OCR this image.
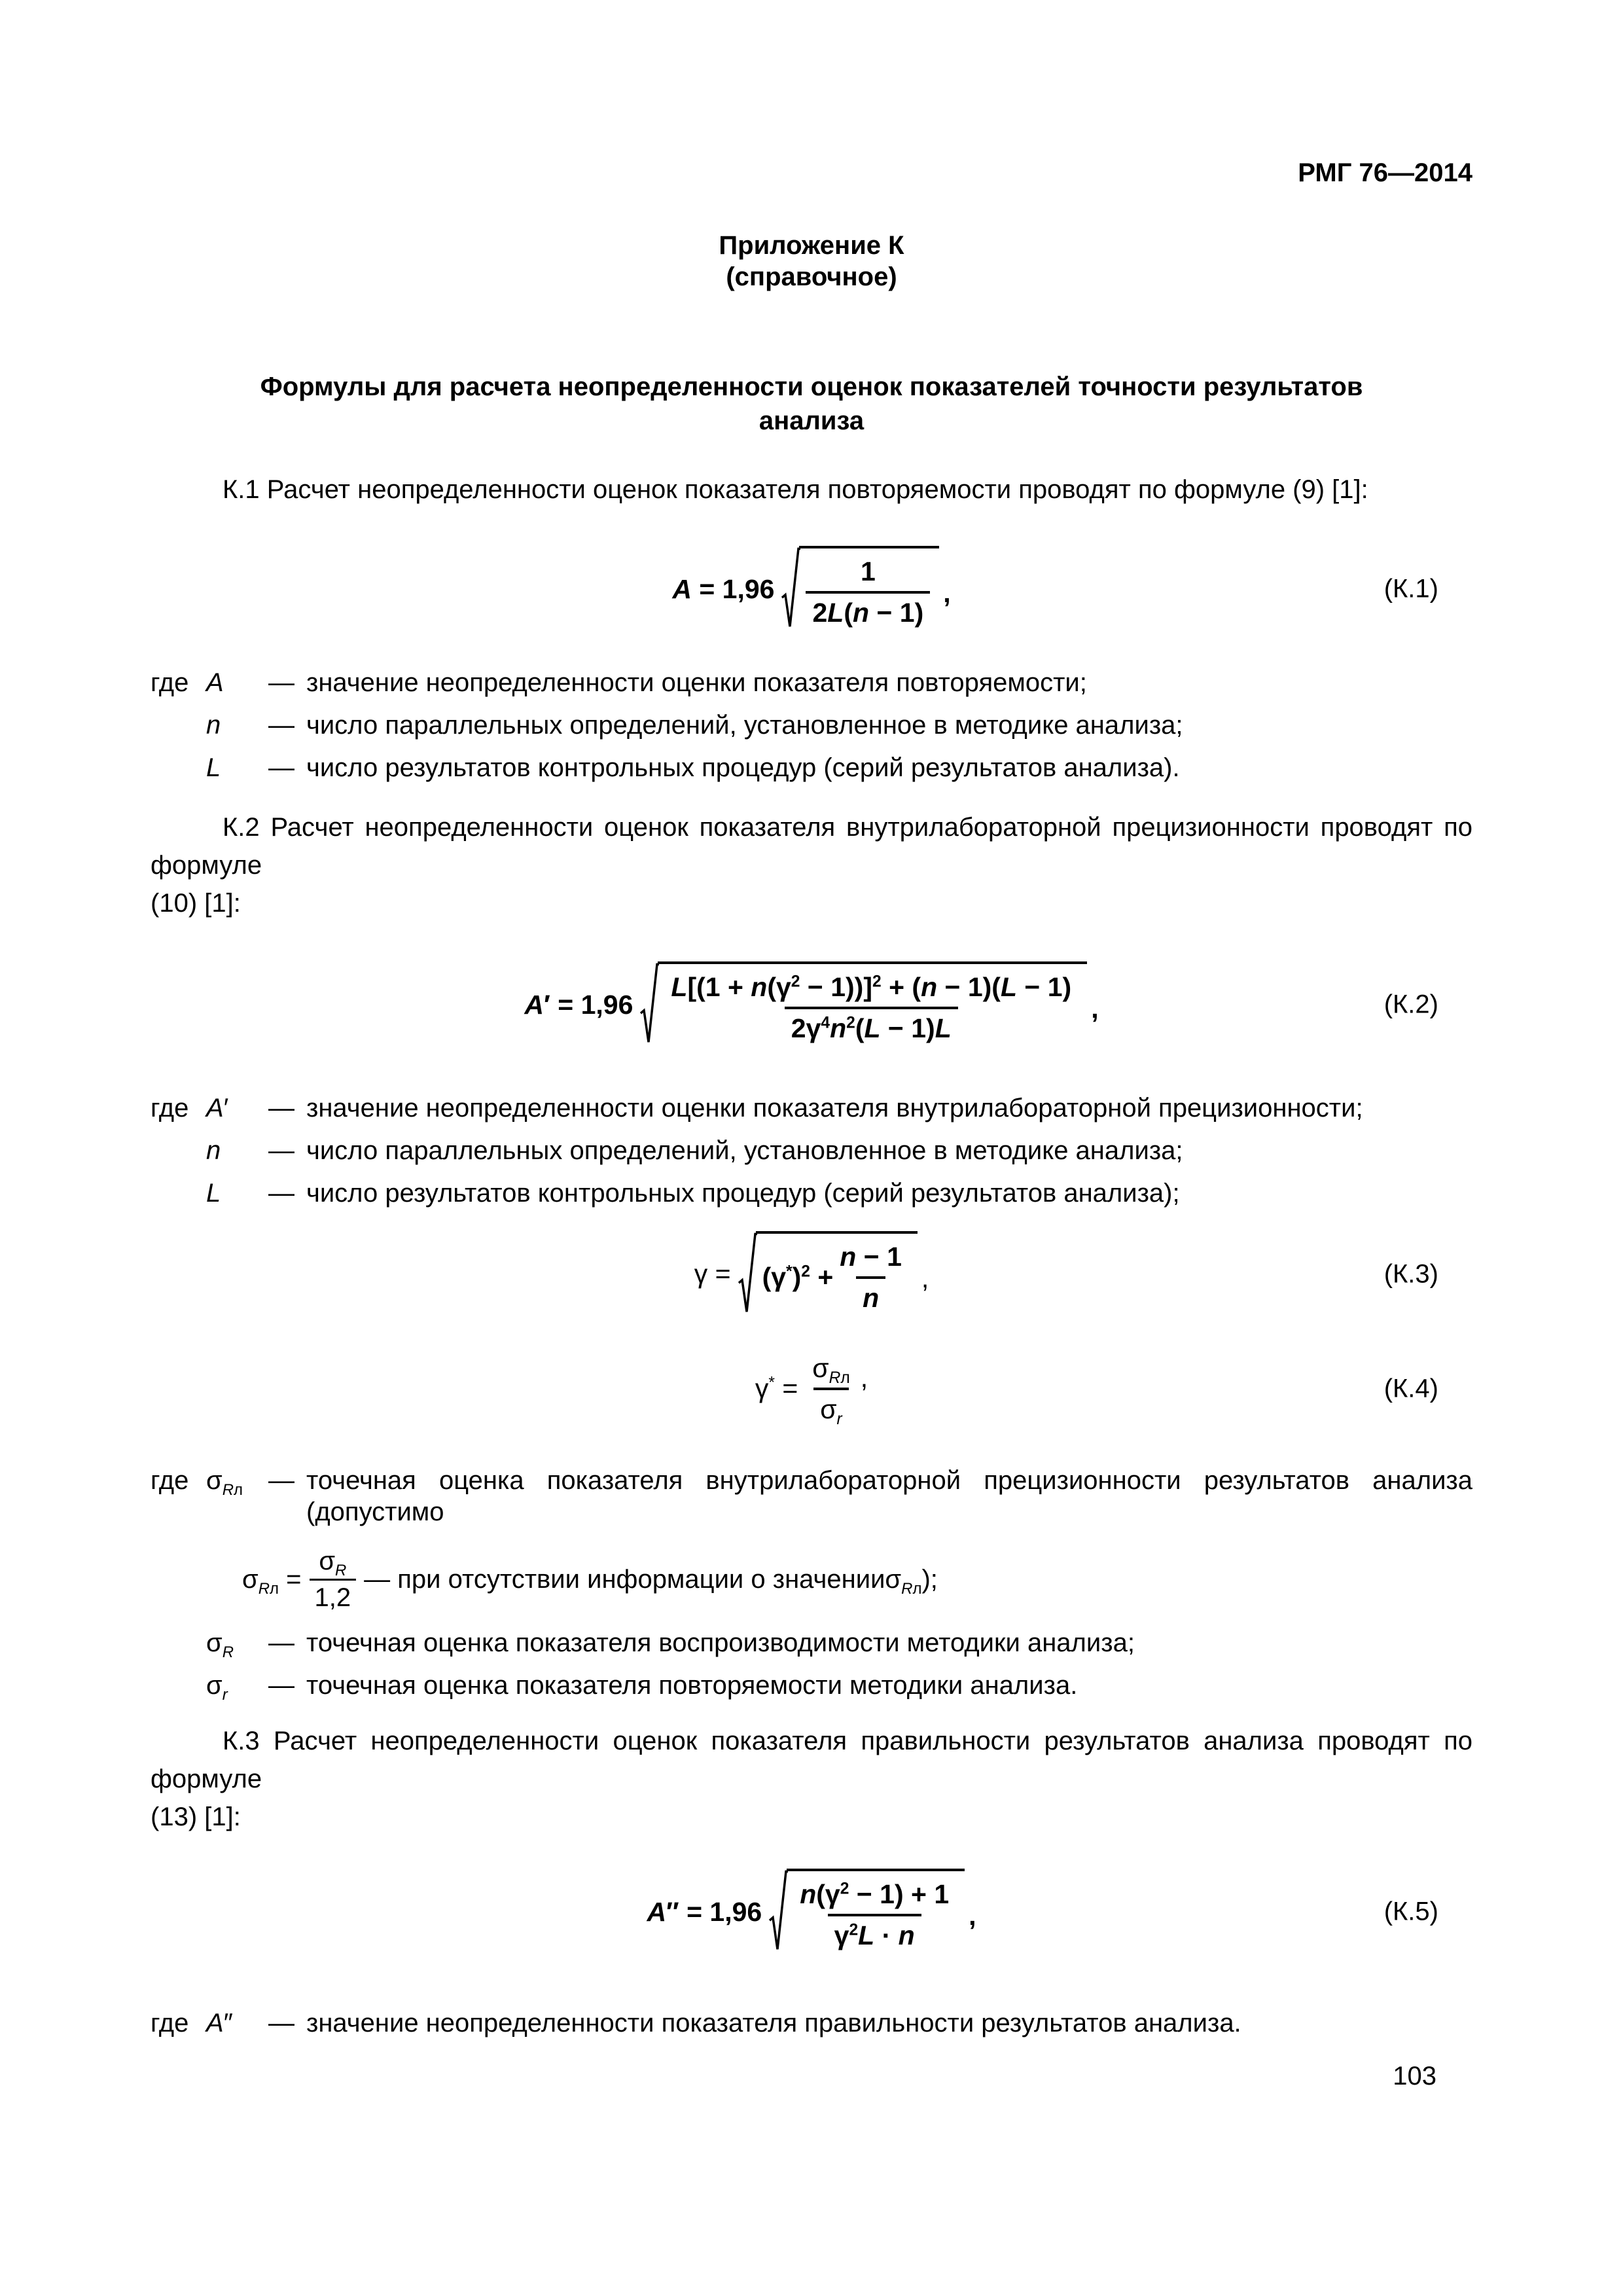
РМГ 76—2014
Приложение К
(справочное)
Формулы для расчета неопределенности оценок показателей точности результатов
анализа

К.1 Расчет неопределенности оценок показателя повторяемости проводят по формуле (9) [1]:

$A = 1,96 \frac{1}{2L(n - 1)}$ ,	(К.1)
где A	— значение неопределенности оценки показателя повторяемости;
n	— число параллельных определений, установленное в методике анализа;
L	— число результатов контрольных процедур (серий результатов анализа).
К.2 Расчет неопределенности оценок показателя внутрилабораторной прецизионности проводят по формуле
(10) [1]:
$A' = 1,96 \frac{L[(1 + n(\gamma^2 - 1))]^2 + (n - 1)(L - 1)}{2\gamma^4n^2(L - 1)L}$ ,	(К.2)
где A′	— значение неопределенности оценки показателя внутрилабораторной прецизионности;
n	— число параллельных определений, установленное в методике анализа;
L	— число результатов контрольных процедур (серий результатов анализа);
$\gamma = (\gamma^*)^2 + \frac{n - 1}{n}$ ,	(К.3)
$\gamma^* = \frac{\sigma_{Rл}}{\sigma_r}$ ,	(К.4)
где $\sigma_{Rл}$ — точечная оценка показателя внутрилабораторной прецизионности результатов анализа (допустимо
$\sigma_{Rл} = \frac{\sigma_R}{1,2}$ — при отсутствии информации о значении $\sigma_{Rл}$);
$\sigma_R$	— точечная оценка показателя воспроизводимости методики анализа;
$\sigma_r$	— точечная оценка показателя повторяемости методики анализа.
К.3 Расчет неопределенности оценок показателя правильности результатов анализа проводят по формуле
(13) [1]:
$A'' = 1,96 \frac{n(\gamma^2 - 1) + 1}{\gamma^2L \cdot n}$ ,	(К.5)
где A″	— значение неопределенности показателя правильности результатов анализа.
103
